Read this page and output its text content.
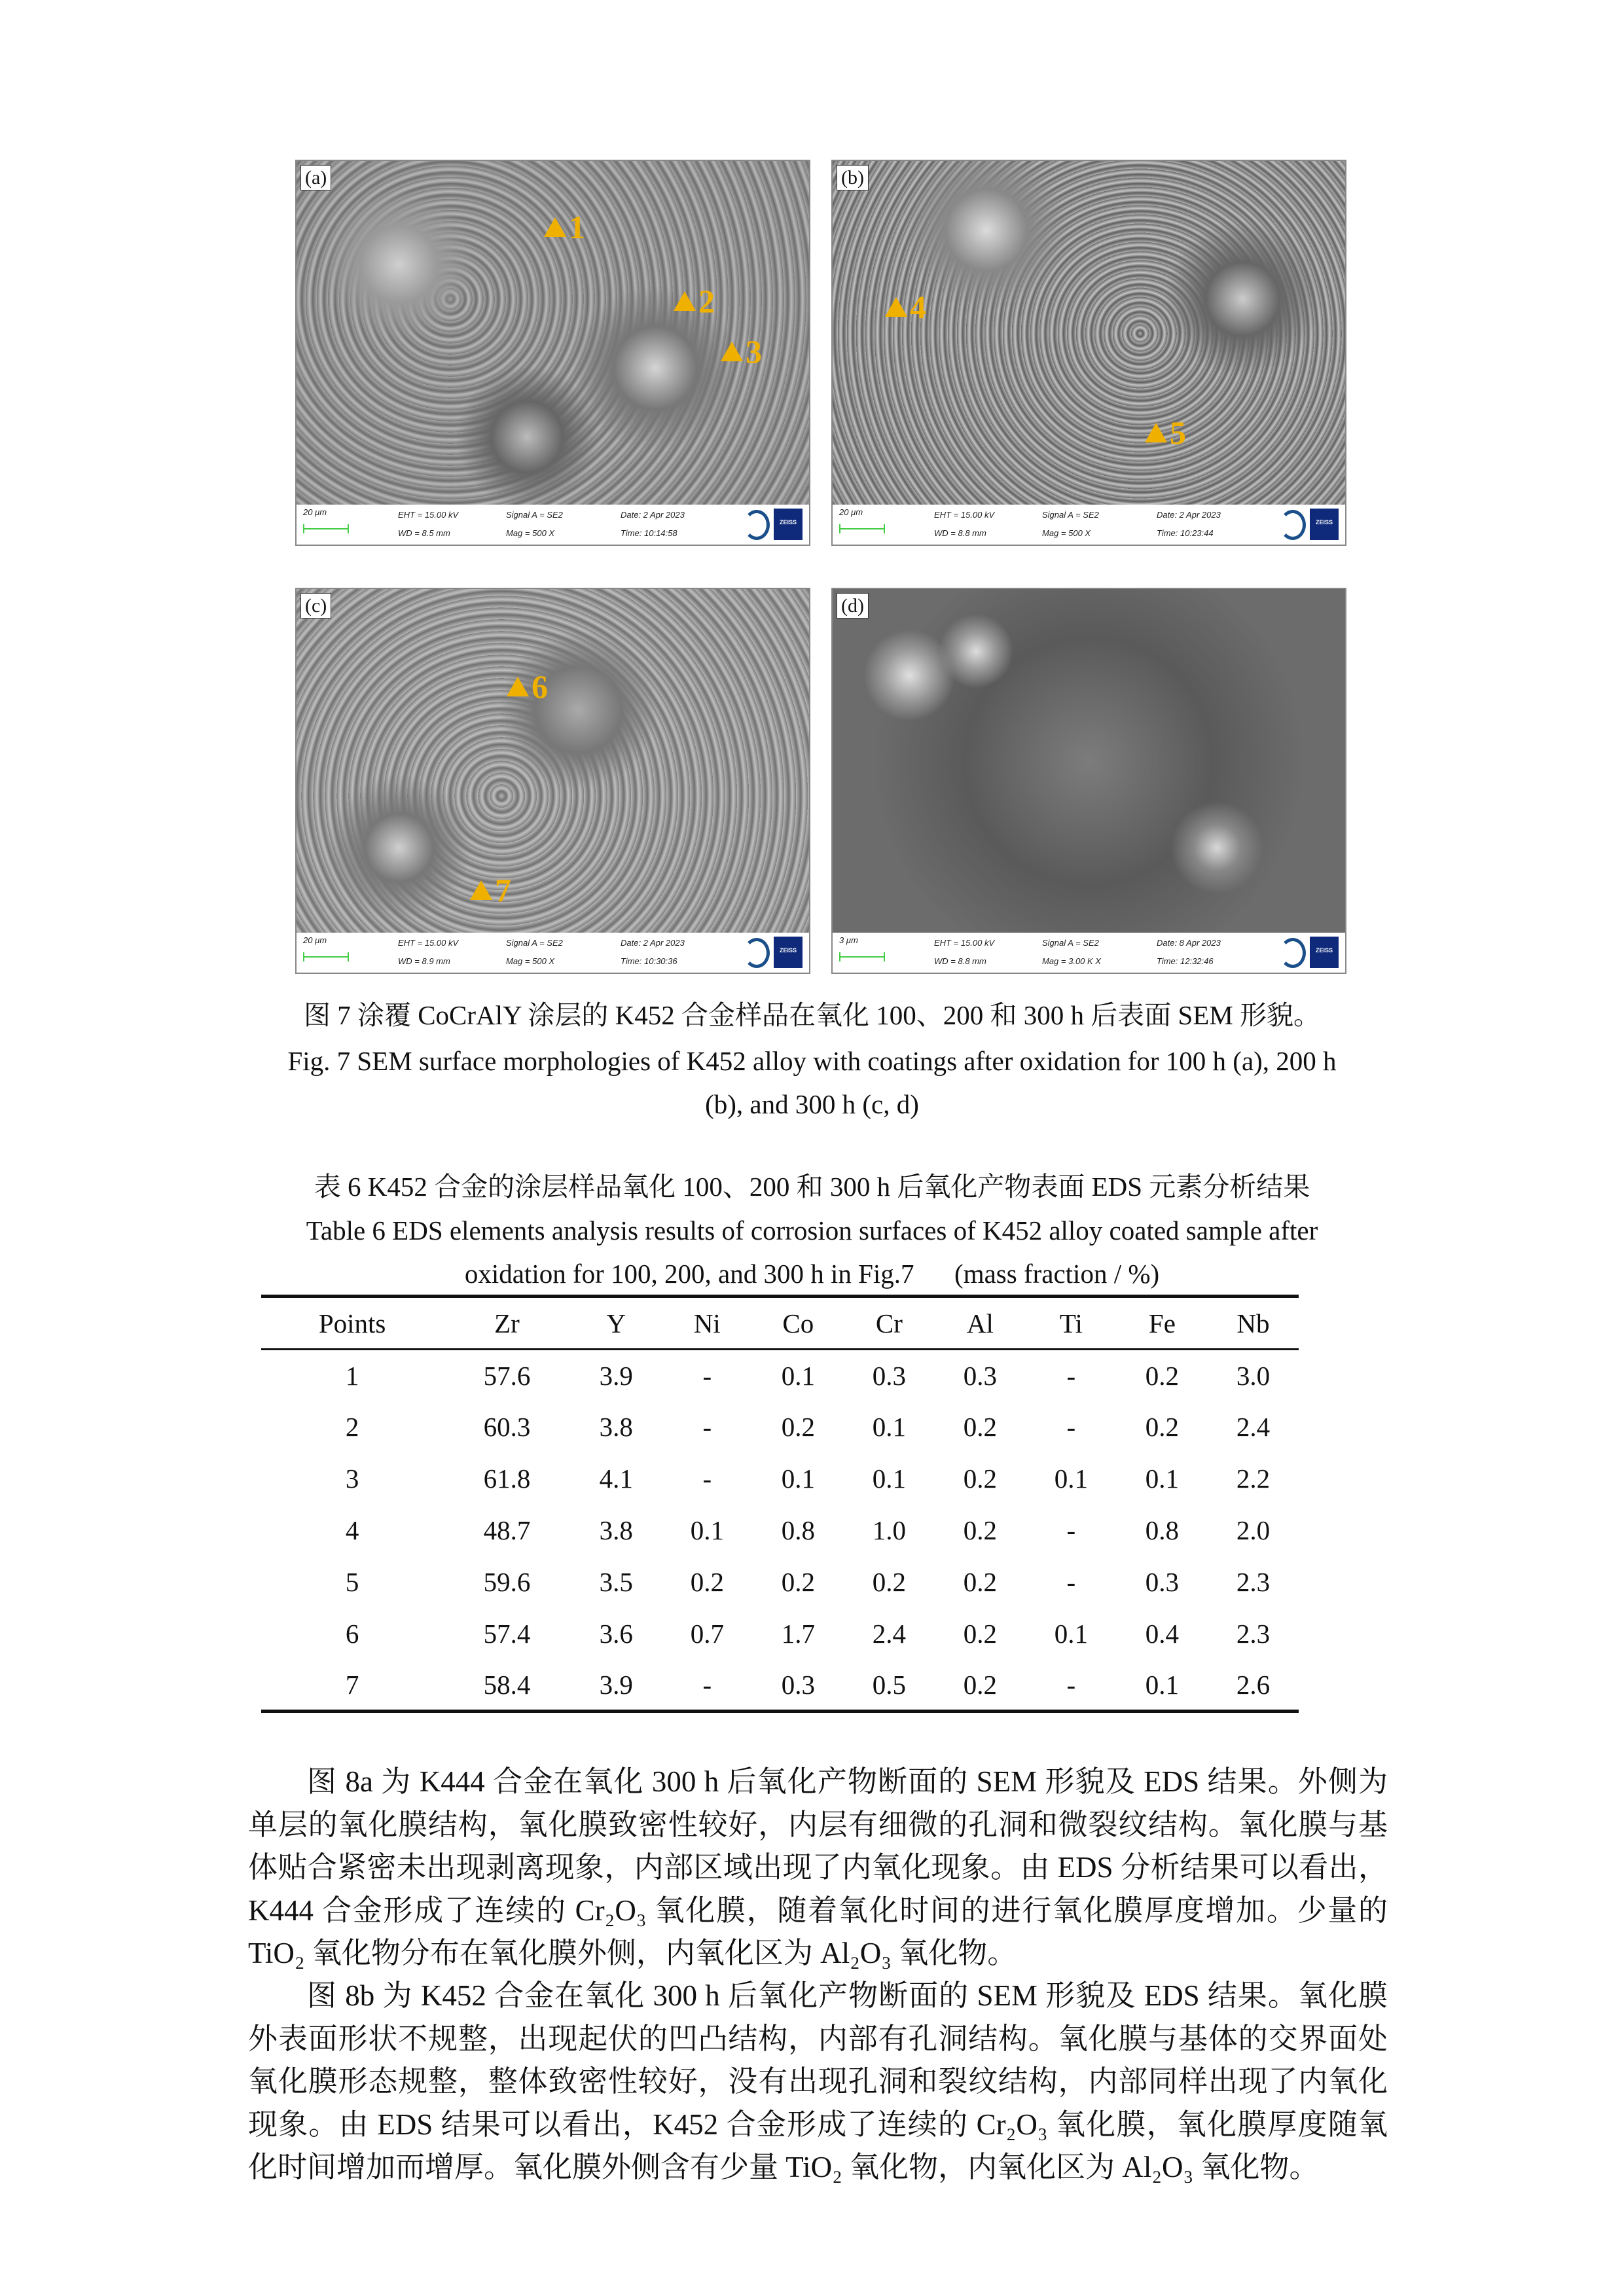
(a)
1
2
3
20 μm	EHT = 15.00 kV
WD = 8.5 mm
Signal A = SE2
Mag = 500 X
Date: 2 Apr 2023
Time: 10:14:58
ZEISS
(b)
4
5
20 μm	EHT = 15.00 kV
WD = 8.8 mm
Signal A = SE2
Mag = 500 X
Date: 2 Apr 2023
Time: 10:23:44
ZEISS
(c)
6
7
20 μm	EHT = 15.00 kV
WD = 8.9 mm
Signal A = SE2
Mag = 500 X
Date: 2 Apr 2023
Time: 10:30:36
ZEISS
(d)
3 μm	EHT = 15.00 kV
WD = 8.8 mm
Signal A = SE2
Mag = 3.00 K X
Date: 8 Apr 2023
Time: 12:32:46
ZEISS
图 7 涂覆 CoCrAlY 涂层的 K452 合金样品在氧化 100、200 和 300 h 后表面 SEM 形貌。
Fig. 7 SEM surface morphologies of K452 alloy with coatings after oxidation for 100 h (a), 200 h
(b), and 300 h (c, d)
表 6 K452 合金的涂层样品氧化 100、200 和 300 h 后氧化产物表面 EDS 元素分析结果
Table 6 EDS elements analysis results of corrosion surfaces of K452 alloy coated sample after
oxidation for 100, 200, and 300 h in Fig.7      (mass fraction / %)
Points	Zr	Y	Ni	Co	Cr	Al	Ti	Fe	Nb
1	57.6	3.9	-	0.1	0.3	0.3	-	0.2	3.0
2	60.3	3.8	-	0.2	0.1	0.2	-	0.2	2.4
3	61.8	4.1	-	0.1	0.1	0.2	0.1	0.1	2.2
4	48.7	3.8	0.1	0.8	1.0	0.2	-	0.8	2.0
5	59.6	3.5	0.2	0.2	0.2	0.2	-	0.3	2.3
6	57.4	3.6	0.7	1.7	2.4	0.2	0.1	0.4	2.3
7	58.4	3.9	-	0.3	0.5	0.2	-	0.1	2.6
图 8a 为 K444 合金在氧化 300 h 后氧化产物断面的 SEM 形貌及 EDS 结果。外侧为单层的氧化膜结构，氧化膜致密性较好，内层有细微的孔洞和微裂纹结构。氧化膜与基体贴合紧密未出现剥离现象，内部区域出现了内氧化现象。由 EDS 分析结果可以看出，K444 合金形成了连续的 Cr₂O₃ 氧化膜，随着氧化时间的进行氧化膜厚度增加。少量的 TiO₂ 氧化物分布在氧化膜外侧，内氧化区为 Al₂O₃ 氧化物。
图 8b 为 K452 合金在氧化 300 h 后氧化产物断面的 SEM 形貌及 EDS 结果。氧化膜外表面形状不规整，出现起伏的凹凸结构，内部有孔洞结构。氧化膜与基体的交界面处氧化膜形态规整，整体致密性较好，没有出现孔洞和裂纹结构，内部同样出现了内氧化现象。由 EDS 结果可以看出，K452 合金形成了连续的 Cr₂O₃ 氧化膜，氧化膜厚度随氧化时间增加而增厚。氧化膜外侧含有少量 TiO₂ 氧化物，内氧化区为 Al₂O₃ 氧化物。
